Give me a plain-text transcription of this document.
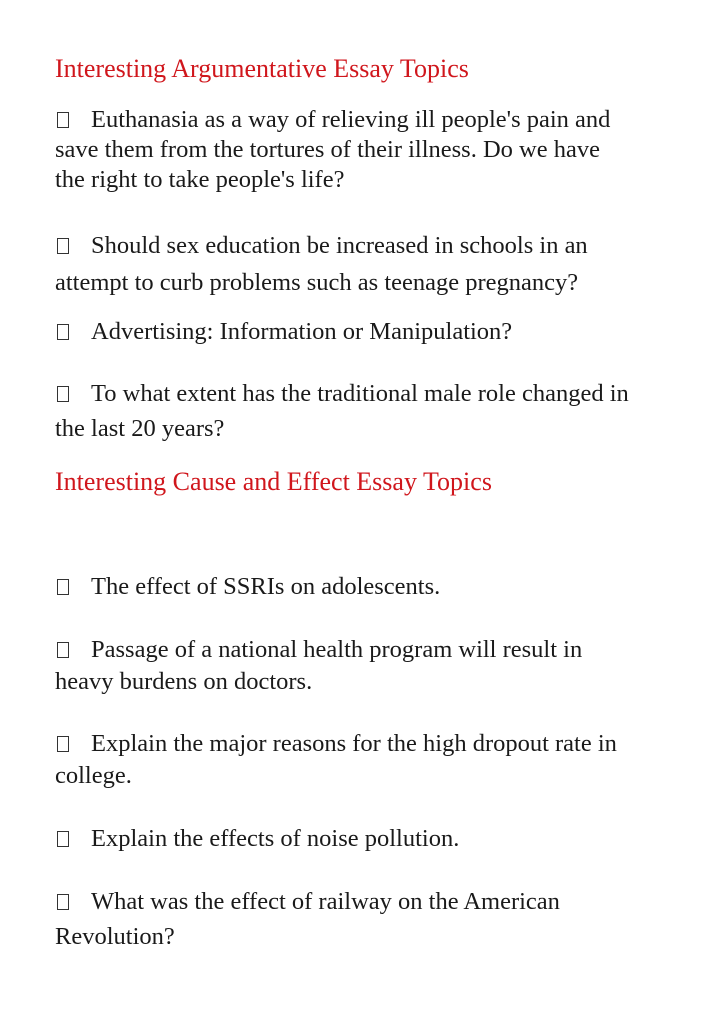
Interesting Argumentative Essay Topics
Euthanasia as a way of relieving ill people's pain and
save them from the tortures of their illness. Do we have
the right to take people's life?
Should sex education be increased in schools in an
attempt to curb problems such as teenage pregnancy?
Advertising: Information or Manipulation?
To what extent has the traditional male role changed in
the last 20 years?
Interesting Cause and Effect Essay Topics
The effect of SSRIs on adolescents.
Passage of a national health program will result in
heavy burdens on doctors.
Explain the major reasons for the high dropout rate in
college.
Explain the effects of noise pollution.
What was the effect of railway on the American
Revolution?
